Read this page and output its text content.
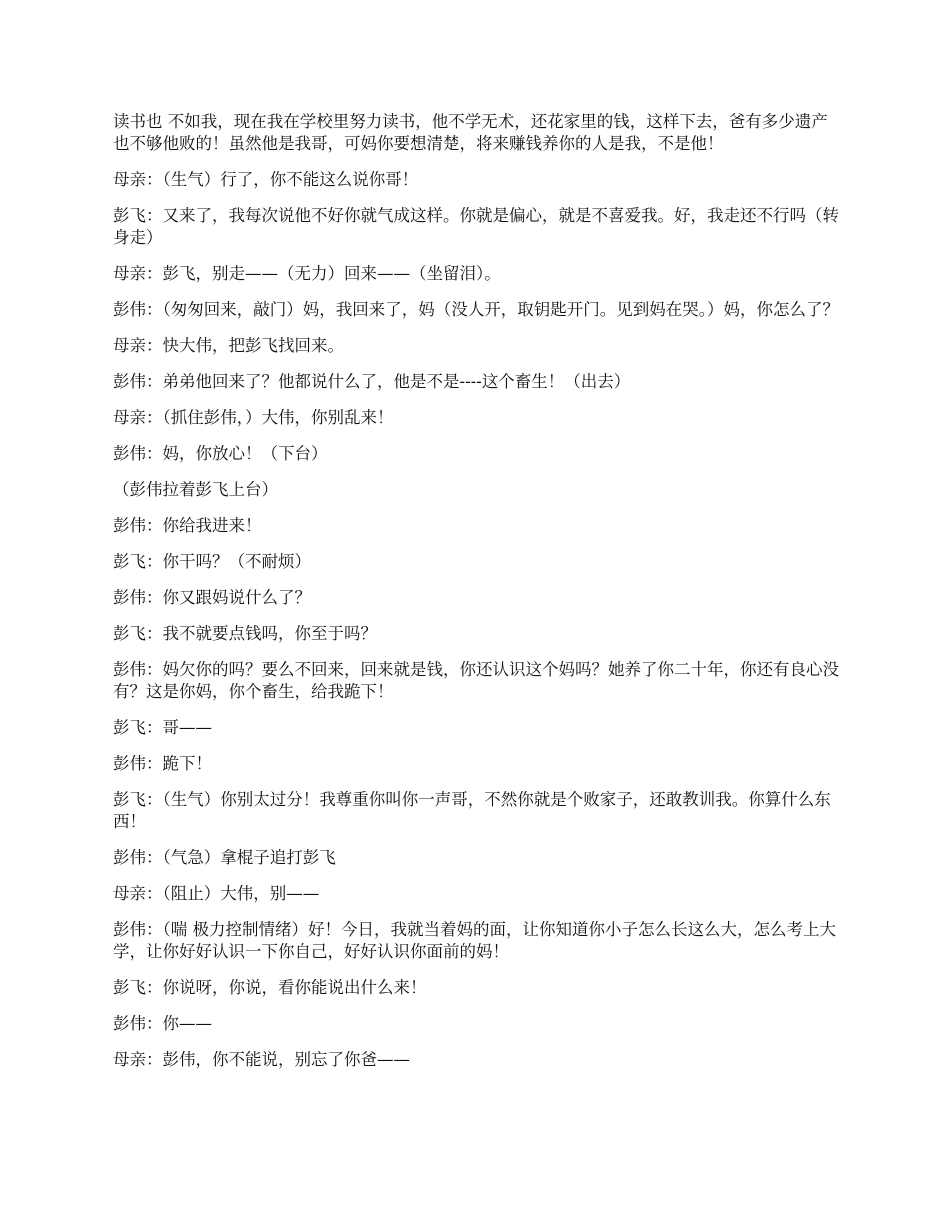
读书也 不如我，现在我在学校里努力读书，他不学无术，还花家里的钱，这样下去，爸有多少遗产也不够他败的！虽然他是我哥，可妈你要想清楚，将来赚钱养你的人是我，不是他！

母亲：（生气）行了，你不能这么说你哥！

彭飞：又来了，我每次说他不好你就气成这样。你就是偏心，就是不喜爱我。好，我走还不行吗（转身走）

母亲：彭飞，别走——（无力）回来——（坐留泪）。

彭伟：（匆匆回来，敲门）妈，我回来了，妈（没人开，取钥匙开门。见到妈在哭。）妈，你怎么了？

母亲：快大伟，把彭飞找回来。

彭伟：弟弟他回来了？他都说什么了，他是不是----这个畜生！（出去）

母亲：（抓住彭伟，）大伟，你别乱来！

彭伟：妈，你放心！（下台）

（彭伟拉着彭飞上台）

彭伟：你给我进来！

彭飞：你干吗？（不耐烦）

彭伟：你又跟妈说什么了？

彭飞：我不就要点钱吗，你至于吗？

彭伟：妈欠你的吗？要么不回来，回来就是钱，你还认识这个妈吗？她养了你二十年，你还有良心没有？这是你妈，你个畜生，给我跪下！

彭飞：哥——

彭伟：跪下！

彭飞：（生气）你别太过分！我尊重你叫你一声哥，不然你就是个败家子，还敢教训我。你算什么东西！

彭伟：（气急）拿棍子追打彭飞

母亲：（阻止）大伟，别——

彭伟：（喘 极力控制情绪）好！今日，我就当着妈的面，让你知道你小子怎么长这么大，怎么考上大学，让你好好认识一下你自己，好好认识你面前的妈！

彭飞：你说呀，你说，看你能说出什么来！

彭伟：你——

母亲：彭伟，你不能说，别忘了你爸——
